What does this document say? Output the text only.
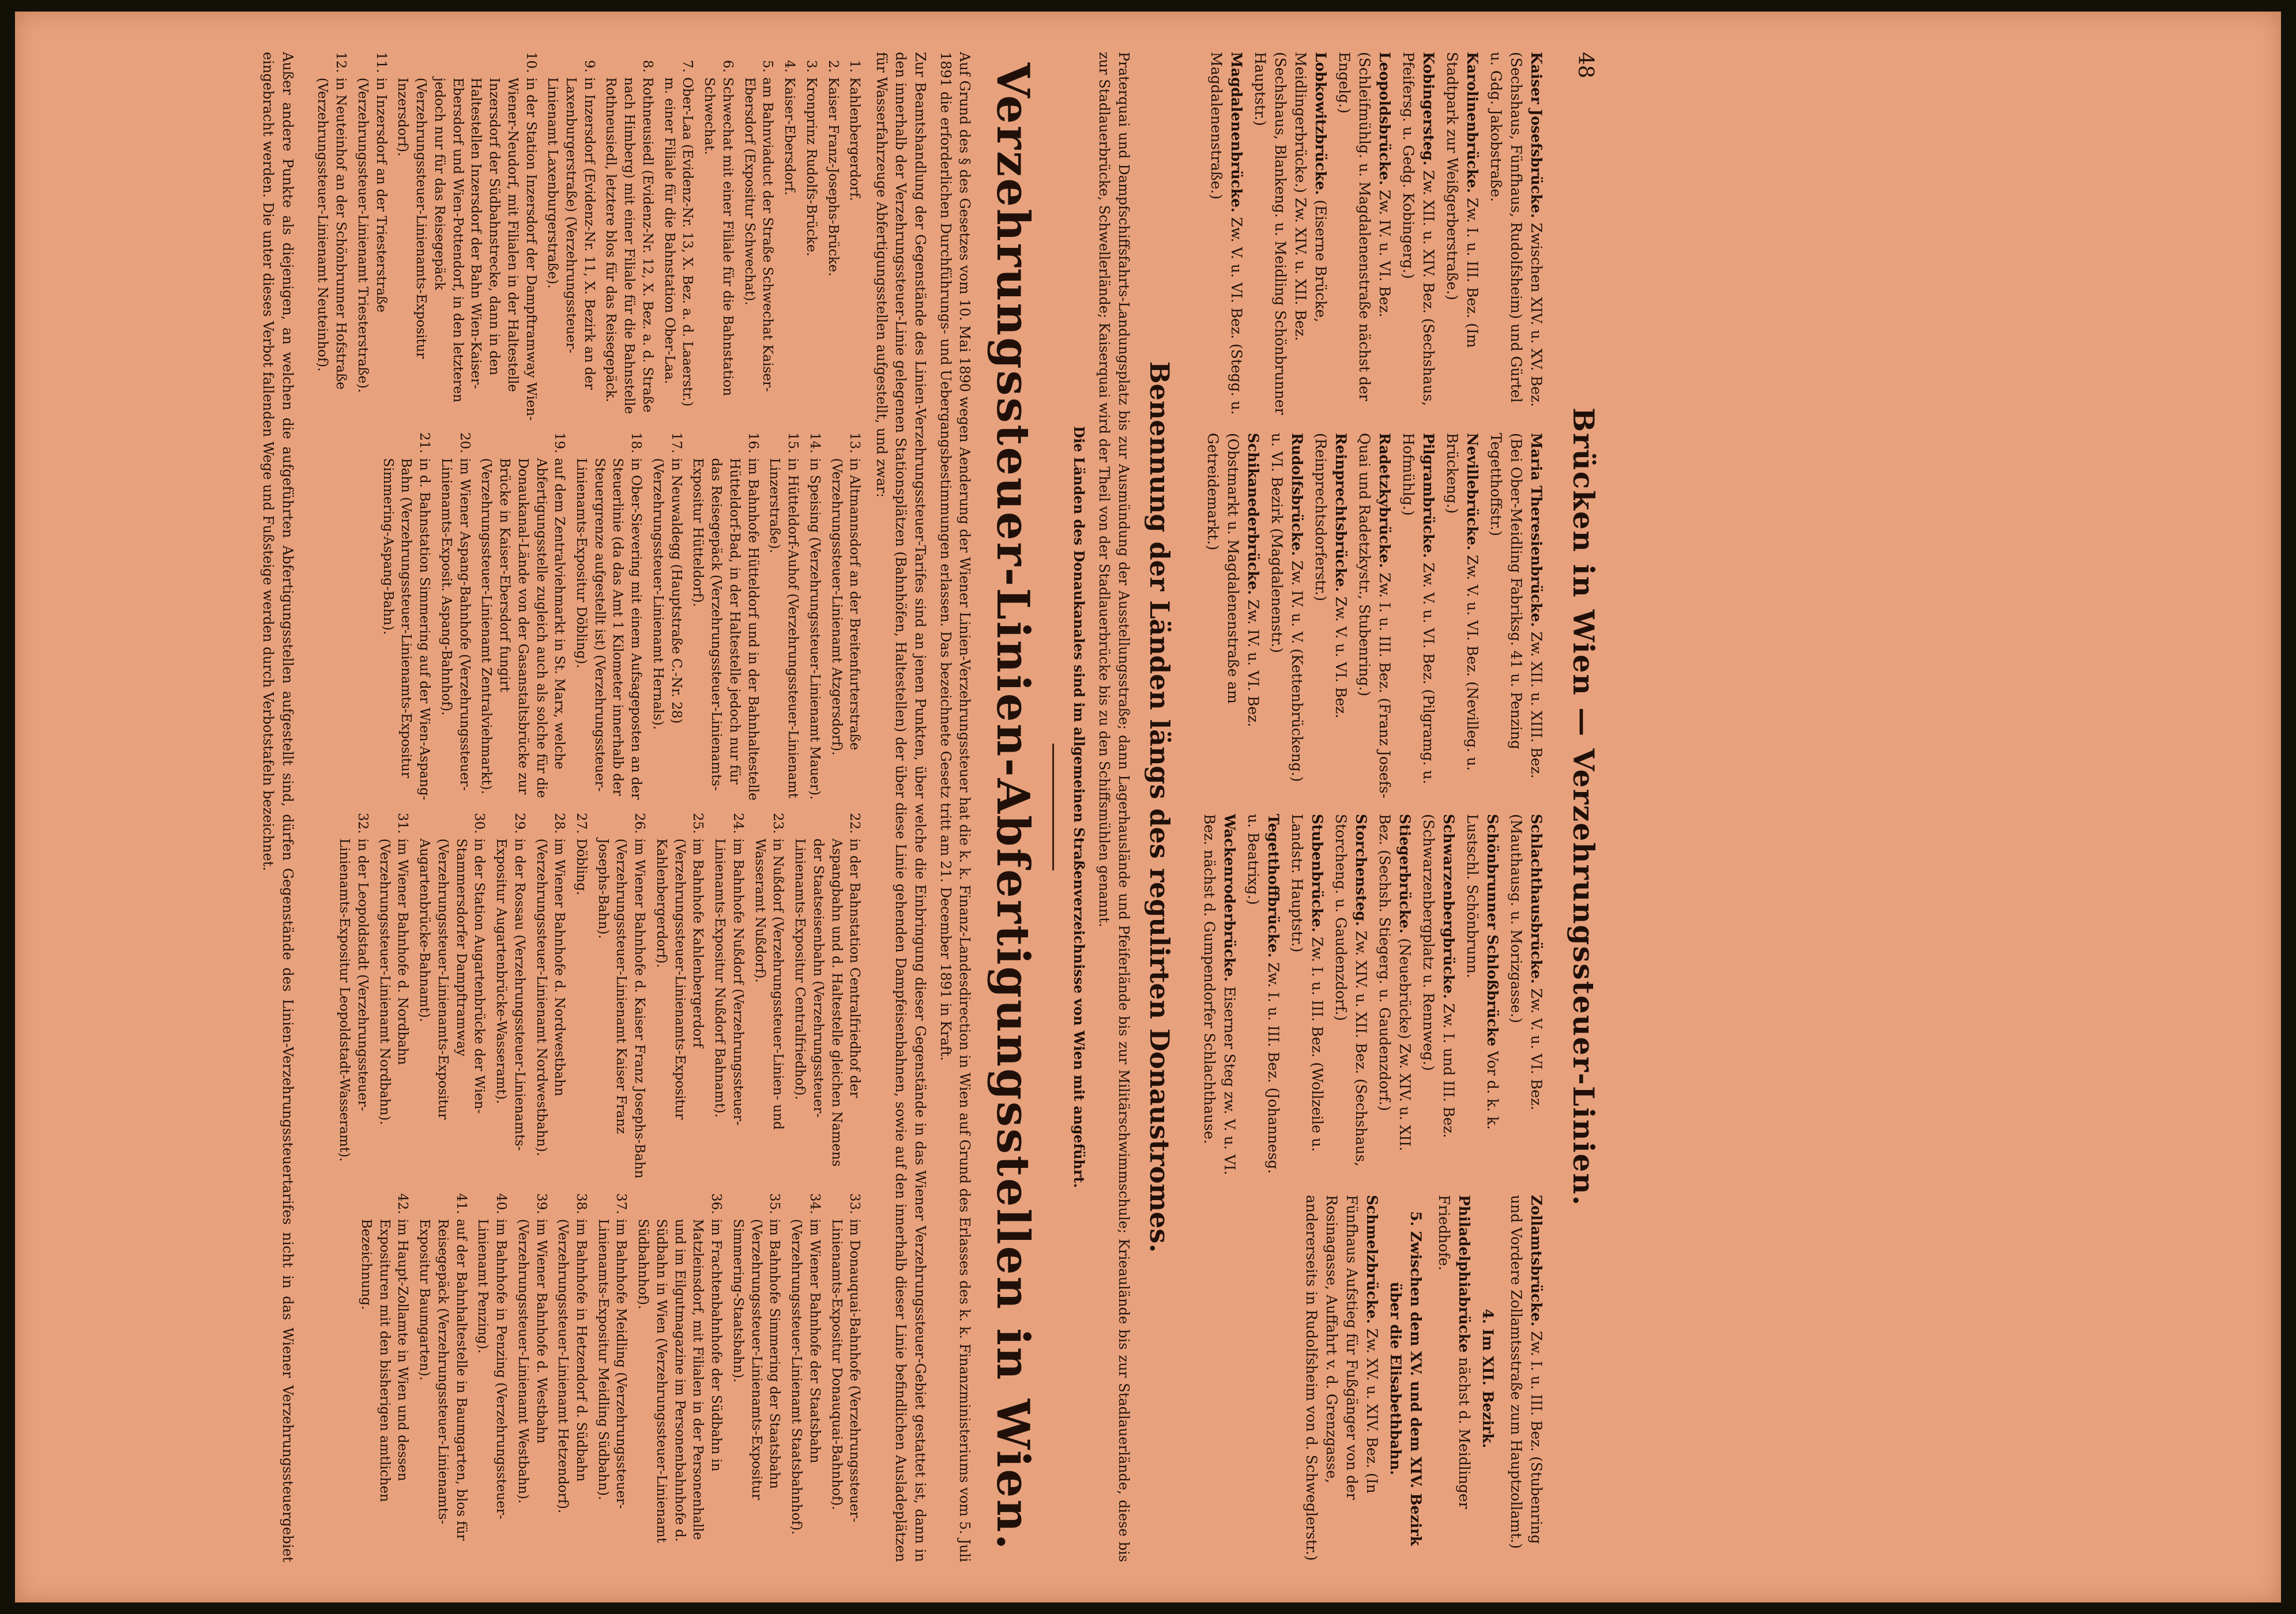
48
Brücken in Wien — Verzehrungssteuer-Linien.
Kaiser Josefsbrücke. Zwischen XIV. u. XV. Bez. (Sechshaus, Fünfhaus, Rudolfsheim) und Gürtel u. Gdg. Jakobstraße.
Karolinenbrücke. Zw. I. u. III. Bez. (Im Stadtpark zur Weißgerberstraße.)
Kobingersteg. Zw. XII. u. XIV. Bez. (Sechshaus, Pfeifersg. u. Gedg. Kobingerg.)
Leopoldsbrücke. Zw. IV. u. VI. Bez. (Schleifmühlg. u. Magdalenenstraße nächst der Engelg.)
Lobkowitzbrücke. (Eiserne Brücke, Meidlingerbrücke.) Zw. XIV. u. XII. Bez. (Sechshaus, Blankeng. u. Meidling Schönbrunner Hauptstr.)
Magdalenenbrücke. Zw. V. u. VI. Bez. (Stegg. u. Magdalenenstraße.)
Maria Theresienbrücke. Zw. XII. u. XIII. Bez. (Bei Ober-Meidling Fabriksg. 41 u. Penzing Tegetthoffstr.)
Nevillebrücke. Zw. V. u. VI. Bez. (Nevilleg. u. Brückeng.)
Pilgrambrücke. Zw. V. u. VI. Bez. (Pilgramg. u. Hofmühlg.)
Radetzkybrücke. Zw. I. u. III. Bez. (Franz Josefs-Quai und Radetzkystr., Stubenring.)
Reinprechtsbrücke. Zw. V. u. VI. Bez. (Reinprechtsdorferstr.)
Rudolfsbrücke. Zw. IV. u. V. (Kettenbrückeng.) u. VI. Bezirk (Magdalenenstr.)
Schikanederbrücke. Zw. IV. u. VI. Bez. (Obstmarkt u. Magdalenenstraße am Getreidemarkt.)
Schlachthausbrücke. Zw. V. u. VI. Bez. (Mauthausg. u. Morizgasse.)
Schönbrunner Schloßbrücke Vor d. k. k. Lustschl. Schönbrunn.
Schwarzenbergbrücke. Zw. I. und III. Bez. (Schwarzenbergplatz u. Rennweg.)
Stiegerbrücke. (Neuebrücke) Zw. XIV. u. XII. Bez. (Sechsh. Stiegerg. u. Gaudenzdorf.)
Storchensteg. Zw. XIV. u. XII. Bez. (Sechshaus, Storcheng. u. Gaudenzdorf.)
Stubenbrücke. Zw. I. u. III. Bez. (Wollzeile u. Landstr. Hauptstr.)
Tegetthoffbrücke. Zw. I. u. III. Bez. (Johannesg. u. Beatrixg.)
Wackenroderbrücke. Eiserner Steg zw. V. u. VI. Bez. nächst d. Gumpendorfer Schlachthause.
Zollamtsbrücke. Zw. I. u. III. Bez. (Stubenring und Vordere Zollamtsstraße zum Hauptzollamt.)
4. Im XII. Bezirk.
Philadelphiabrücke nächst d. Meidlinger Friedhofe.
5. Zwischen dem XV. und dem XIV. Bezirk über die Elisabethbahn.
Schmelzbrücke. Zw. XV. u. XIV. Bez. (In Fünfhaus Aufstieg für Fußgänger von der Rosinagasse, Auffahrt v. d. Grenzgasse, andererseits in Rudolfsheim von d. Schweglerstr.)
Benennung der Länden längs des regulirten Donaustromes.

Praterquai und Dampfschiffsfahrts-Landungsplatz bis zur Ausmündung der Ausstellungsstraße; dann Lagerhausländе und Pfeiferlände bis zur Militärschwimmschule; Krieauländе bis zur Stadlauerlände, diese bis zur Stadlauerbrücke, Schwellerlände; Kaiserquai wird der Theil von der Stadlauerbrücke bis zu den Schiffsmühlen genannt.

Die Länden des Donaukanales sind im allgemeinen Straßenverzeichnisse von Wien mit angeführt.

Verzehrungssteuer-Linien-Abfertigungsstellen in Wien.

Auf Grund des § des Gesetzes vom 10. Mai 1890 wegen Aenderung der Wiener Linien-Verzehrungssteuer hat die k. k. Finanz-Landesdirection in Wien auf Grund des Erlasses des k. k. Finanzministeriums vom 5. Juli 1891 die erforderlichen Durchführungs- und Uebergangsbestimmungen erlassen. Das bezeichnete Gesetz tritt am 21. December 1891 in Kraft.

Zur Beamtshandlung der Gegenstände des Linien-Verzehrungssteuer-Tarifes sind an jenen Punkten, über welche die Einbringung dieser Gegenstände in das Wiener Verzehrungssteuer-Gebiet gestattet ist, dann in den innerhalb der Verzehrungssteuer-Linie gelegenen Stationsplätzen (Bahnhöfen, Haltestellen) der über diese Linie gehenden Dampfeisenbahnen, sowie auf den innerhalb dieser Linie befindlichen Ausladeplätzen für Wasserfahrzeuge Abfertigungsstellen aufgestellt, und zwar:

1.
Kahlenbergerdorf.
2.
Kaiser Franz-Josephs-Brücke.
3.
Kronprinz Rudolfs-Brücke.
4.
Kaiser-Ebersdorf.
5.
am Bahnviaduct der Straße Schwechat Kaiser-Ebersdorf (Expositur Schwechat).
6.
Schwechat mit einer Filiale für die Bahnstation Schwechat.
7.
Ober-Laa (Evidenz-Nr. 13, X. Bez. a. d. Laaerstr.) m. einer Filiale für die Bahnstation Ober-Laa.
8.
Rothneusiedl (Evidenz-Nr. 12, X. Bez. a. d. Straße nach Himberg) mit einer Filiale für die Bahnstelle Rothneusiedl, letztere blos für das Reisegepäck.
9.
in Inzersdorf (Evidenz-Nr. 11, X. Bezirk an der Laxenburgerstraße) (Verzehrungssteuer-Linienamt Laxenburgerstraße).
10.
in der Station Inzersdorf der Dampftramway Wien-Wiener-Neudorf, mit Filialen in der Haltestelle Inzersdorf der Südbahnstrecke, dann in den Haltestellen Inzersdorf der Bahn Wien-Kaiser-Ebersdorf und Wien-Pottendorf, in den letzteren jedoch nur für das Reisegepäck (Verzehrungssteuer-Linienamts-Expositur Inzersdorf).
11.
in Inzersdorf an der Triesterstraße (Verzehrungssteuer-Linienamt Triesterstraße).
12.
in Neuteinhof an der Schönbrunner Hofstraße (Verzehrungssteuer-Linienamt Neuteinhof).
13.
in Altmannsdorf an der Breitenfurterstraße (Verzehrungssteuer-Linienamt Atzgersdorf).
14.
in Speising (Verzehrungssteuer-Linienamt Mauer).
15.
in Hütteldorf-Auhof (Verzehrungssteuer-Linienamt Linzerstraße).
16.
im Bahnhofe Hütteldorf und in der Bahnhaltestelle Hütteldorf-Bad, in der Haltestelle jedoch nur für das Reisegepäck (Verzehrungssteuer-Linienamts-Expositur Hütteldorf).
17.
in Neuwaldegg (Hauptstraße C.-Nr. 28) (Verzehrungssteuer-Linienamt Hernals).
18.
in Ober-Sievering mit einem Aufsageposten an der Steuerlinie (da das Amt 1 Kilometer innerhalb der Steuergrenze aufgestellt ist) (Verzehrungssteuer-Linienamts-Expositur Döbling).
19.
auf dem Zentralviehmarkt in St. Marx, welche Abfertigungsstelle zugleich auch als solche für die Donaukanal-Lände von der Gasanstaltsbrücke zur Brücke in Kaiser-Ebersdorf fungirt (Verzehrungssteuer-Linienamt Zentralviehmarkt).
20.
im Wiener Aspang-Bahnhofe (Verzehrungssteuer-Linienamts-Exposit. Aspang-Bahnhof).
21.
in d. Bahnstation Simmering auf der Wien-Aspang-Bahn (Verzehrungssteuer-Linienamts-Expositur Simmering-Aspang-Bahn).
22.
in der Bahnstation Centralfriedhof der Aspangbahn und d. Haltestelle gleichen Namens der Staatseisenbahn (Verzehrungssteuer-Linienamts-Expositur Centralfriedhof).
23.
in Nußdorf (Verzehrungssteuer-Linien- und Wasseramt Nußdorf).
24.
im Bahnhofe Nußdorf (Verzehrungssteuer-Linienamts-Expositur Nußdorf Bahnamt).
25.
im Bahnhofe Kahlenbergerdorf (Verzehrungssteuer-Linienamts-Expositur Kahlenbergerdorf).
26.
im Wiener Bahnhofe d. Kaiser Franz Josephs-Bahn (Verzehrungssteuer-Linienamt Kaiser Franz Josephs-Bahn).
27.
Döbling.
28.
im Wiener Bahnhofe d. Nordwestbahn (Verzehrungssteuer-Linienamt Nordwestbahn).
29.
in der Rossau (Verzehrungssteuer-Linienamts-Expositur Augartenbrücke-Wasseramt).
30.
in der Station Augartenbrücke der Wien-Stammersdorfer Dampftramway (Verzehrungssteuer-Linienamts-Expositur Augartenbrücke-Bahnamt).
31.
im Wiener Bahnhofe d. Nordbahn (Verzehrungssteuer-Linienamt Nordbahn).
32.
in der Leopoldstadt (Verzehrungssteuer-Linienamts-Expositur Leopoldstadt-Wasseramt).
33.
im Donauquai-Bahnhofe (Verzehrungssteuer-Linienamts-Expositur Donauquai-Bahnhof).
34.
im Wiener Bahnhofe der Staatsbahn (Verzehrungssteuer-Linienamt Staatsbahnhof).
35.
im Bahnhofe Simmering der Staatsbahn (Verzehrungssteuer-Linienamts-Expositur Simmering-Staatsbahn).
36.
im Frachtenbahnhofe der Südbahn in Matzleinsdorf, mit Filialen in der Personenhalle und im Eilgutmagazine im Personenbahnhofe d. Südbahn in Wien (Verzehrungssteuer-Linienamt Südbahnhof).
37.
im Bahnhofe Meidling (Verzehrungssteuer-Linienamts-Expositur Meidling Südbahn).
38.
im Bahnhofe in Hetzendorf d. Südbahn (Verzehrungssteuer-Linienamt Hetzendorf).
39.
im Wiener Bahnhofe d. Westbahn (Verzehrungssteuer-Linienamt Westbahn).
40.
im Bahnhofe in Penzing (Verzehrungssteuer-Linienamt Penzing).
41.
auf der Bahnhaltestelle in Baumgarten, blos für Reisegepäck (Verzehrungssteuer-Linienamts-Expositur Baumgarten).
42.
im Haupt-Zollamte in Wien und dessen Exposituren mit den bisherigen amtlichen Bezeichnung.

Außer andere Punkte als diejenigen, an welchen die aufgeführten Abfertigungsstellen aufgestellt sind, dürfen Gegenstände des Linien-Verzehrungssteuertarifes nicht in das Wiener Verzehrungssteuergebiet eingebracht werden. Die unter dieses Verbot fallenden Wege und Fußsteige werden durch Verbotstafeln bezeichnet.
